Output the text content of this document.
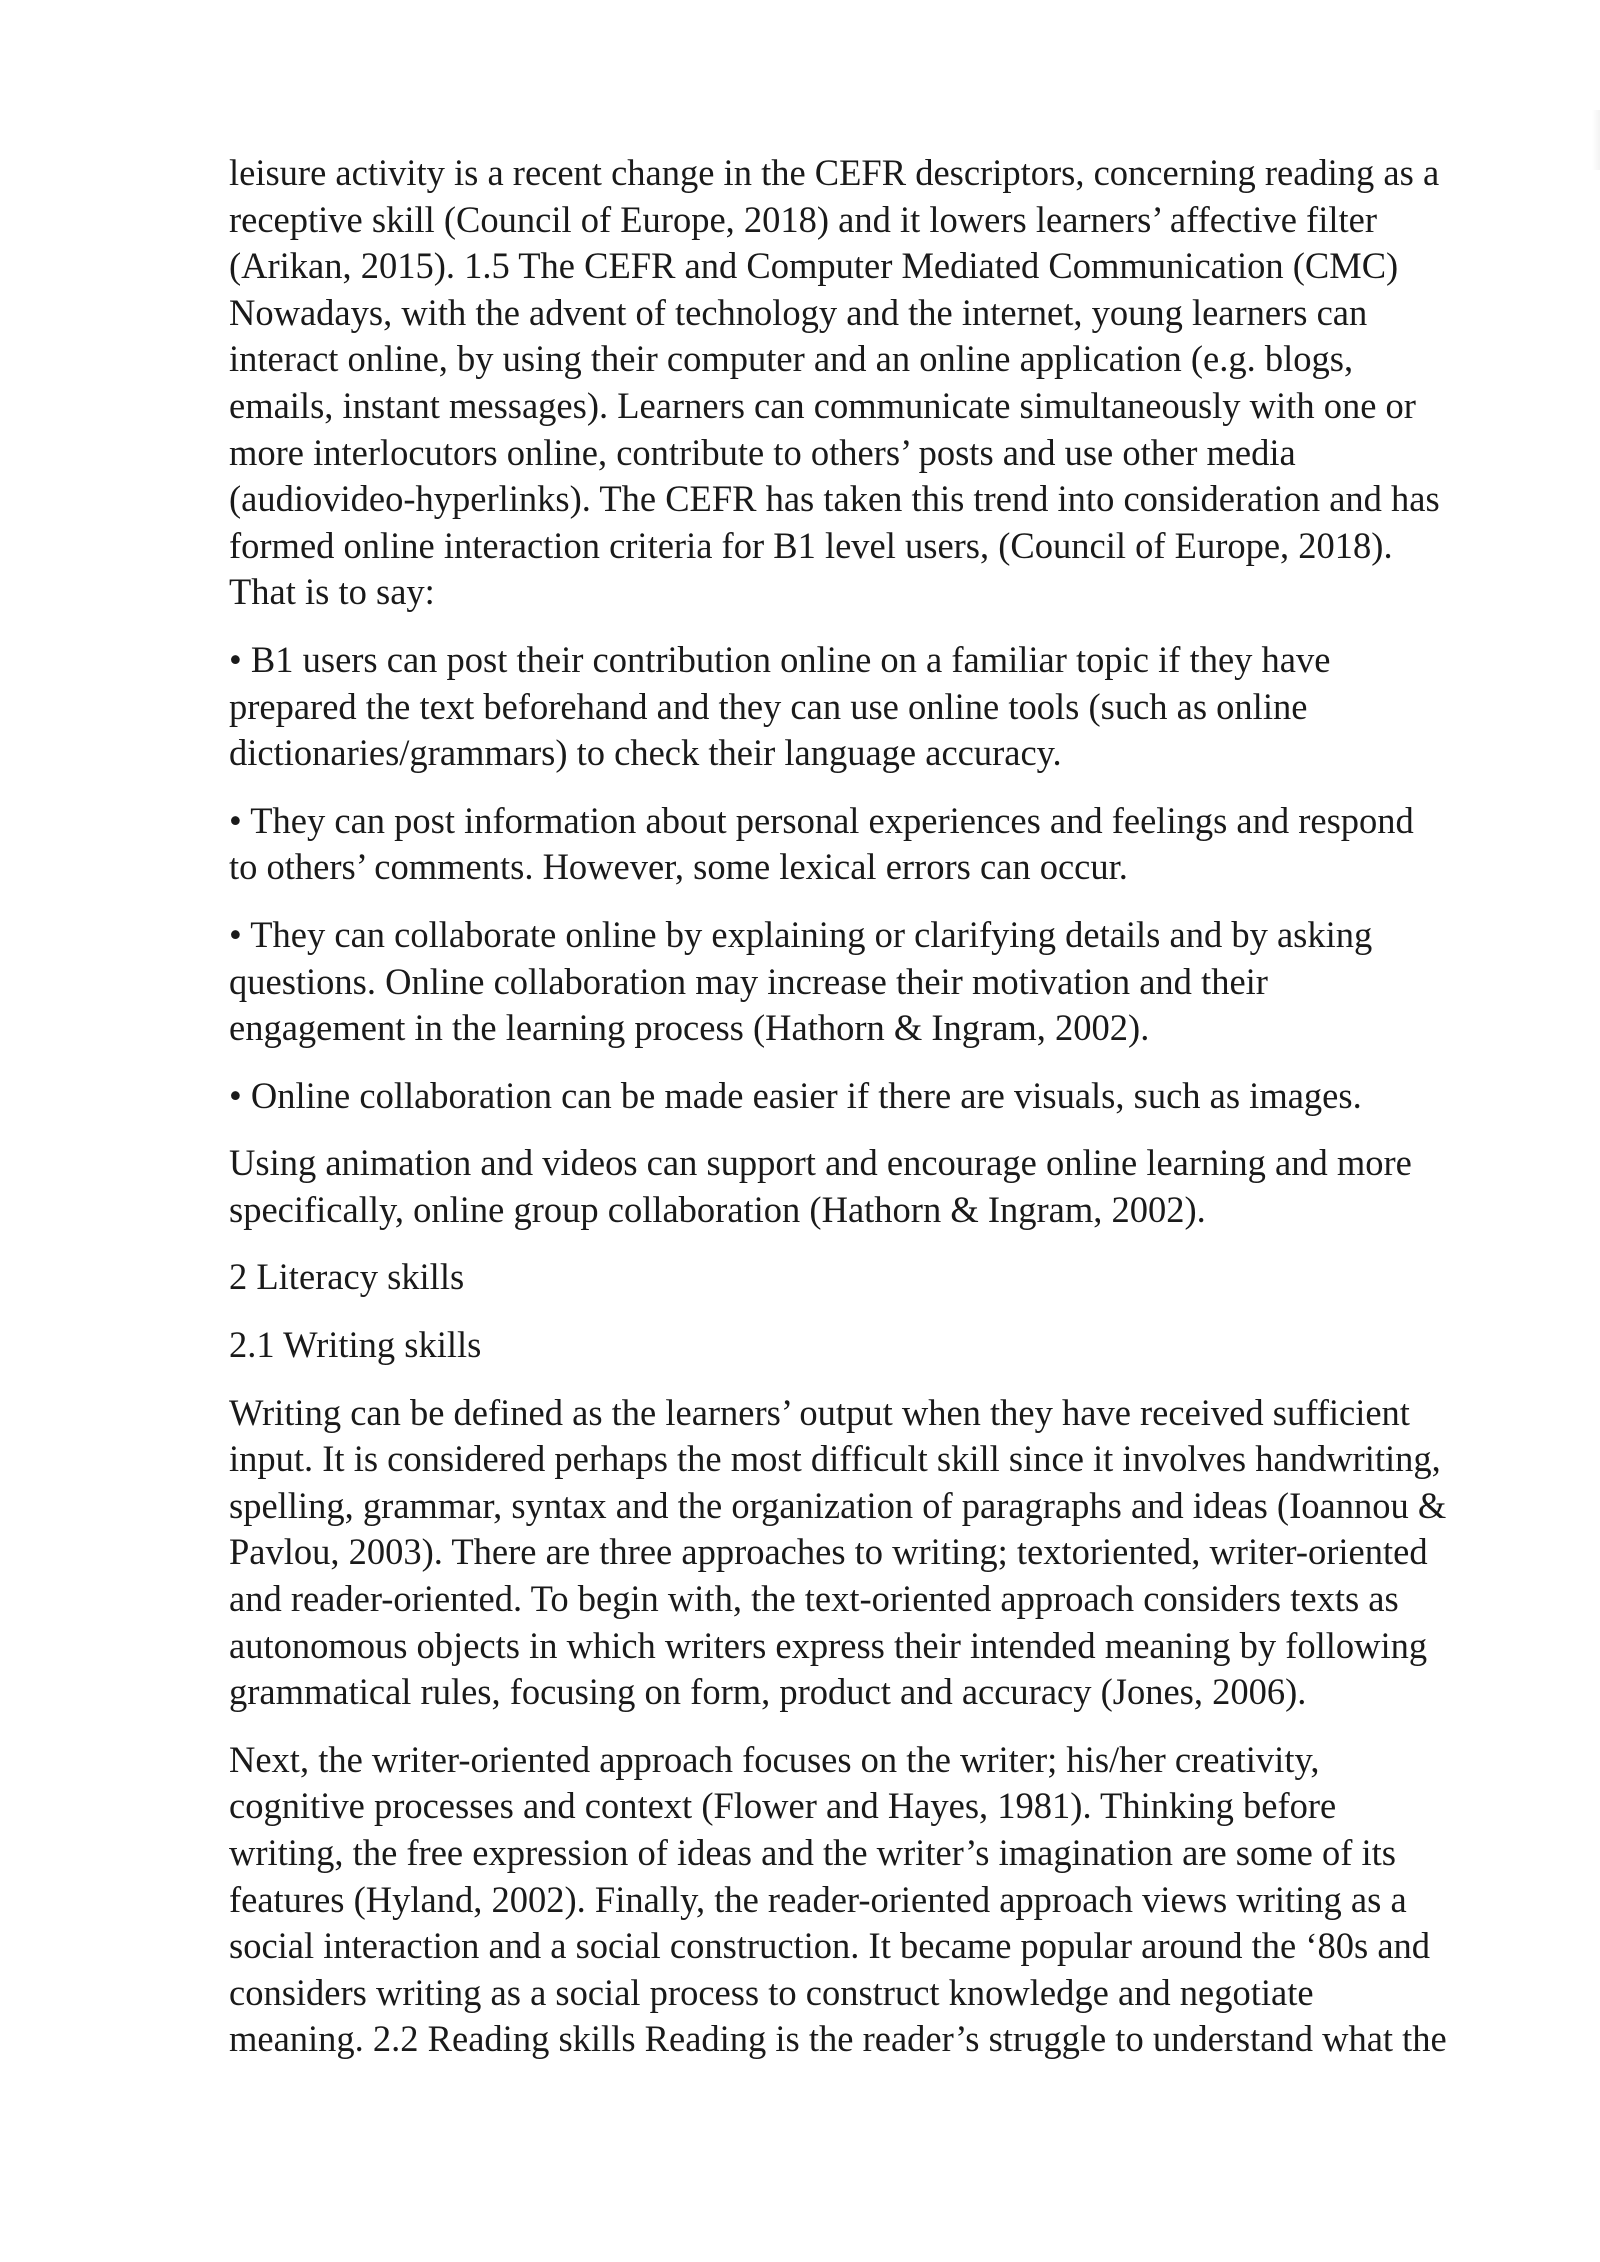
leisure activity is a recent change in the CEFR descriptors, concerning reading as a
receptive skill (Council of Europe, 2018) and it lowers learners’ affective filter
(Arikan, 2015). 1.5 The CEFR and Computer Mediated Communication (CMC)
Nowadays, with the advent of technology and the internet, young learners can
interact online, by using their computer and an online application (e.g. blogs,
emails, instant messages). Learners can communicate simultaneously with one or
more interlocutors online, contribute to others’ posts and use other media
(audiovideo-hyperlinks). The CEFR has taken this trend into consideration and has
formed online interaction criteria for B1 level users, (Council of Europe, 2018).
That is to say:

• B1 users can post their contribution online on a familiar topic if they have
prepared the text beforehand and they can use online tools (such as online
dictionaries/grammars) to check their language accuracy.

• They can post information about personal experiences and feelings and respond
to others’ comments. However, some lexical errors can occur.

• They can collaborate online by explaining or clarifying details and by asking
questions. Online collaboration may increase their motivation and their
engagement in the learning process (Hathorn & Ingram, 2002).

• Online collaboration can be made easier if there are visuals, such as images.

Using animation and videos can support and encourage online learning and more
specifically, online group collaboration (Hathorn & Ingram, 2002).

2 Literacy skills

2.1 Writing skills

Writing can be defined as the learners’ output when they have received sufficient
input. It is considered perhaps the most difficult skill since it involves handwriting,
spelling, grammar, syntax and the organization of paragraphs and ideas (Ioannou &
Pavlou, 2003). There are three approaches to writing; textoriented, writer-oriented
and reader-oriented. To begin with, the text-oriented approach considers texts as
autonomous objects in which writers express their intended meaning by following
grammatical rules, focusing on form, product and accuracy (Jones, 2006).

Next, the writer-oriented approach focuses on the writer; his/her creativity,
cognitive processes and context (Flower and Hayes, 1981). Thinking before
writing, the free expression of ideas and the writer’s imagination are some of its
features (Hyland, 2002). Finally, the reader-oriented approach views writing as a
social interaction and a social construction. It became popular around the ‘80s and
considers writing as a social process to construct knowledge and negotiate
meaning. 2.2 Reading skills Reading is the reader’s struggle to understand what the
